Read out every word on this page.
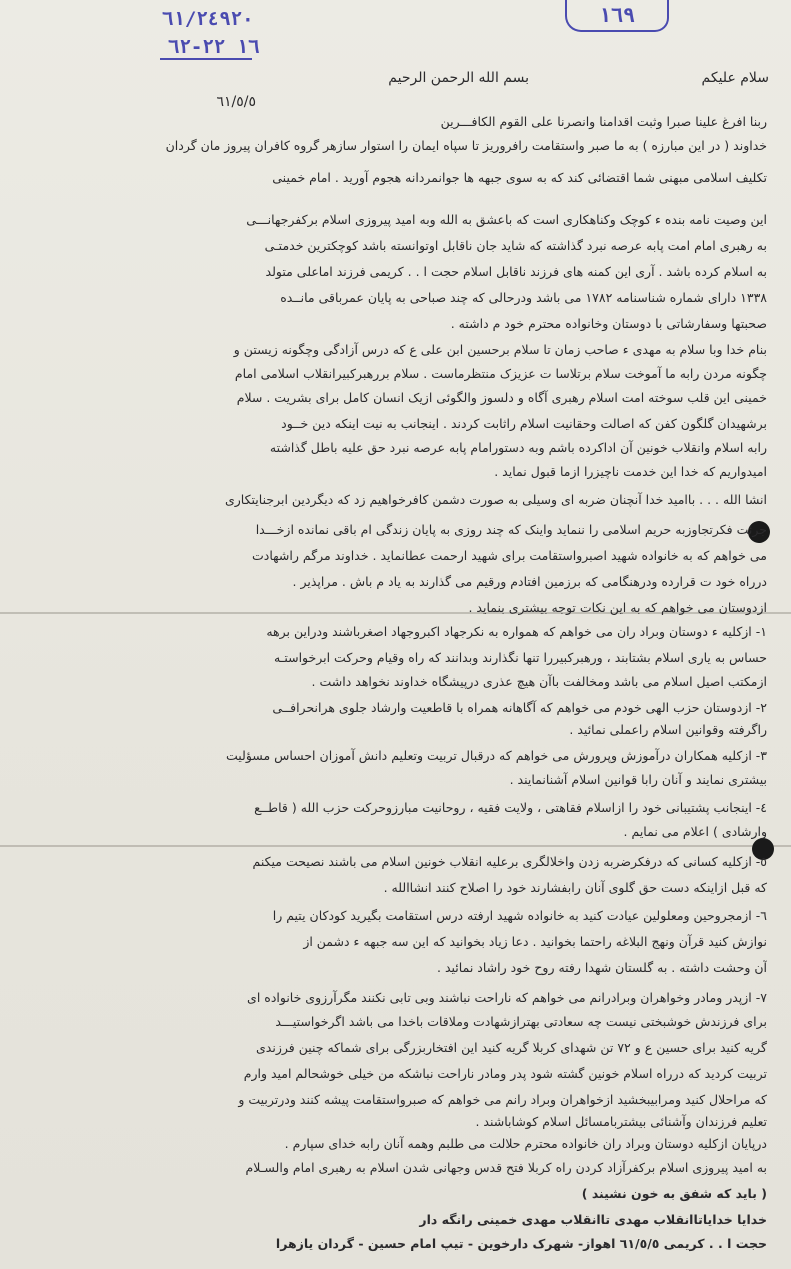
٦١/٢٤٩٢٠
١٦ ٢٢-٦٢
١٦٩
سلام علیکم
بسم الله الرحمن الرحیم
٦١/٥/٥
ربنا افرغ علینا صبرا وثبت اقدامنا وانصرنا علی القوم الکافـــرین
خداوند ( در این مبارزه ) به ما صبر واستقامت رافروریز تا سپاه ایمان را استوار سازهر گروه کافران پیروز مان گردان
تکلیف اسلامی مبهنی شما اقتضائی کند که به سوی جبهه ها جوانمردانه هجوم آورید . امام خمینی
این وصیت نامه بنده ء کوچک وکناهکاری است که باعشق به الله وبه امید پیروزی اسلام برکفرجهانـــی
به رهبری امام امت پابه عرصه نبرد گذاشته که شاید جان ناقابل اوتوانسته باشد کوچکترین خدمتـی
به اسلام کرده باشد . آری این کمنه های فرزند ناقابل اسلام حجت ا . . کریمی فرزند اماعلی متولد
١٣٣٨ دارای شماره شناسنامه ١٧٨٢ می باشد ودرحالی که چند صباحی به پایان عمرباقی مانــده
صحبتها وسفارشاتی با دوستان وخانواده محترم خود م داشته .
بنام خدا وبا سلام به مهدی ء صاحب زمان تا سلام برحسین ابن علی ع که درس آزادگی وچگونه زیستن و
چگونه مردن رابه ما آموخت سلام برتلاسا ت عزیزک منتظرماست . سلام بررهبرکبیرانقلاب اسلامی امام
خمینی این قلب سوخته امت اسلام رهبری آگاه و دلسوز والگوئی ازیک انسان کامل برای بشریت . سلام
برشهیدان گلگون کفن که اصالت وحقانیت اسلام راثابت کردند . اینجانب به نیت اینکه دین خــود
رابه اسلام وانقلاب خونین آن اداکرده باشم وبه دستورامام پابه عرصه نبرد حق علیه باطل گذاشته
امیدواریم که خدا این خدمت ناچیزرا ازما قبول نماید .
انشا الله . . . باامید خدا آنچنان ضربه ای وسیلی به صورت دشمن کافرخواهیم زد که دیگردین ابرجنایتکاری
جرئت فکرتجاوزبه حریم اسلامی را ننماید واینک که چند روزی به پایان زندگی ام باقی نمانده ازخـــدا
می خواهم که به خانواده شهید اصبرواستقامت برای شهید ارحمت عطانماید . خداوند مرگم راشهادت
درراه خود ت قرارده ودرهنگامی که برزمین افتادم ورقیم می گذارند به یاد م باش . مراپذیر .
ازدوستان می خواهم که به این نکات توجه بیشتری بنماید .
١- ازکلیه ء دوستان وبراد ران می خواهم که همواره به نکرجهاد اکبروجهاد اصغرباشند ودراین برهه
حساس به یاری اسلام بشتابند ، ورهبرکبیررا تنها نگذارند وبدانند که راه وقیام وحرکت ابرخواستـه
ازمکتب اصیل اسلام می باشد ومخالفت باآن هیچ عذری درپیشگاه خداوند نخواهد داشت .
٢- ازدوستان حزب الهی خودم می خواهم که آگاهانه همراه با قاطعیت وارشاد جلوی هرانحرافــی
راگرفته وقوانین اسلام راعملی نمائید .
٣- ازکلیه همکاران درآموزش وپرورش می خواهم که درقبال تربیت وتعلیم دانش آموزان احساس مسؤلیت
بیشتری نمایند و آنان رابا قوانین اسلام آشنانمایند .
٤- اینجانب پشتیبانی خود را ازاسلام فقاهتی ، ولایت فقیه ، روحانیت مبارزوحرکت حزب الله ( قاطــع
وارشادی ) اعلام می نمایم .
٥- ازکلیه کسانی که درفکرضربه زدن واخلالگری برعلیه انقلاب خونین اسلام می باشند نصیحت میکنم
که قبل ازاینکه دست حق گلوی آنان رابفشارند خود را اصلاح کنند انشاالله .
٦- ازمجروحین ومعلولین عیادت کنید به خانواده شهید ارفته درس استقامت بگیرید کودکان یتیم را
نوازش کنید قرآن ونهج البلاغه راحتما بخوانید . دعا زیاد بخوانید که این سه جبهه ء دشمن از
آن وحشت داشته . به گلستان شهدا رفته روح خود راشاد نمائید .
٧- ازپدر ومادر وخواهران وبرادرانم می خواهم که ناراحت نباشند وبی تابی نکنند مگرآرزوی خانواده ای
برای فرزندش خوشبختی نیست چه سعادتی بهترازشهادت وملاقات باخدا می باشد اگرخواستیـــد
گریه کنید برای حسین ع و ٧٢ تن شهدای کربلا گریه کنید این افتخاربزرگی برای شماکه چنین فرزندی
تربیت کردید که درراه اسلام خونین گشته شود پدر ومادر ناراحت نباشکه من خیلی خوشحالم امید وارم
که مراحلال کنید ومرابیبخشید ازخواهران وبراد رانم می خواهم که صبرواستقامت پیشه کنند ودرتربیت و
تعلیم فرزندان وآشنائی بیشتربامسائل اسلام کوشاباشند .
درپایان ازکلیه دوستان وبراد ران خانواده محترم حلالت می طلبم وهمه آنان رابه خدای سپارم .
به امید پیروزی اسلام برکفرآزاد کردن راه کربلا فتح قدس وجهانی شدن اسلام به رهبری امام والسـلام
( باید که شفق به خون نشیند )
خدایا خدایاتاانقلاب مهدی تاانقلاب مهدی خمینی رانگه دار
حجت ا . . کریمی ٦١/٥/٥ اهواز- شهرک دارخوین - تیپ امام حسین - گردان یازهرا
